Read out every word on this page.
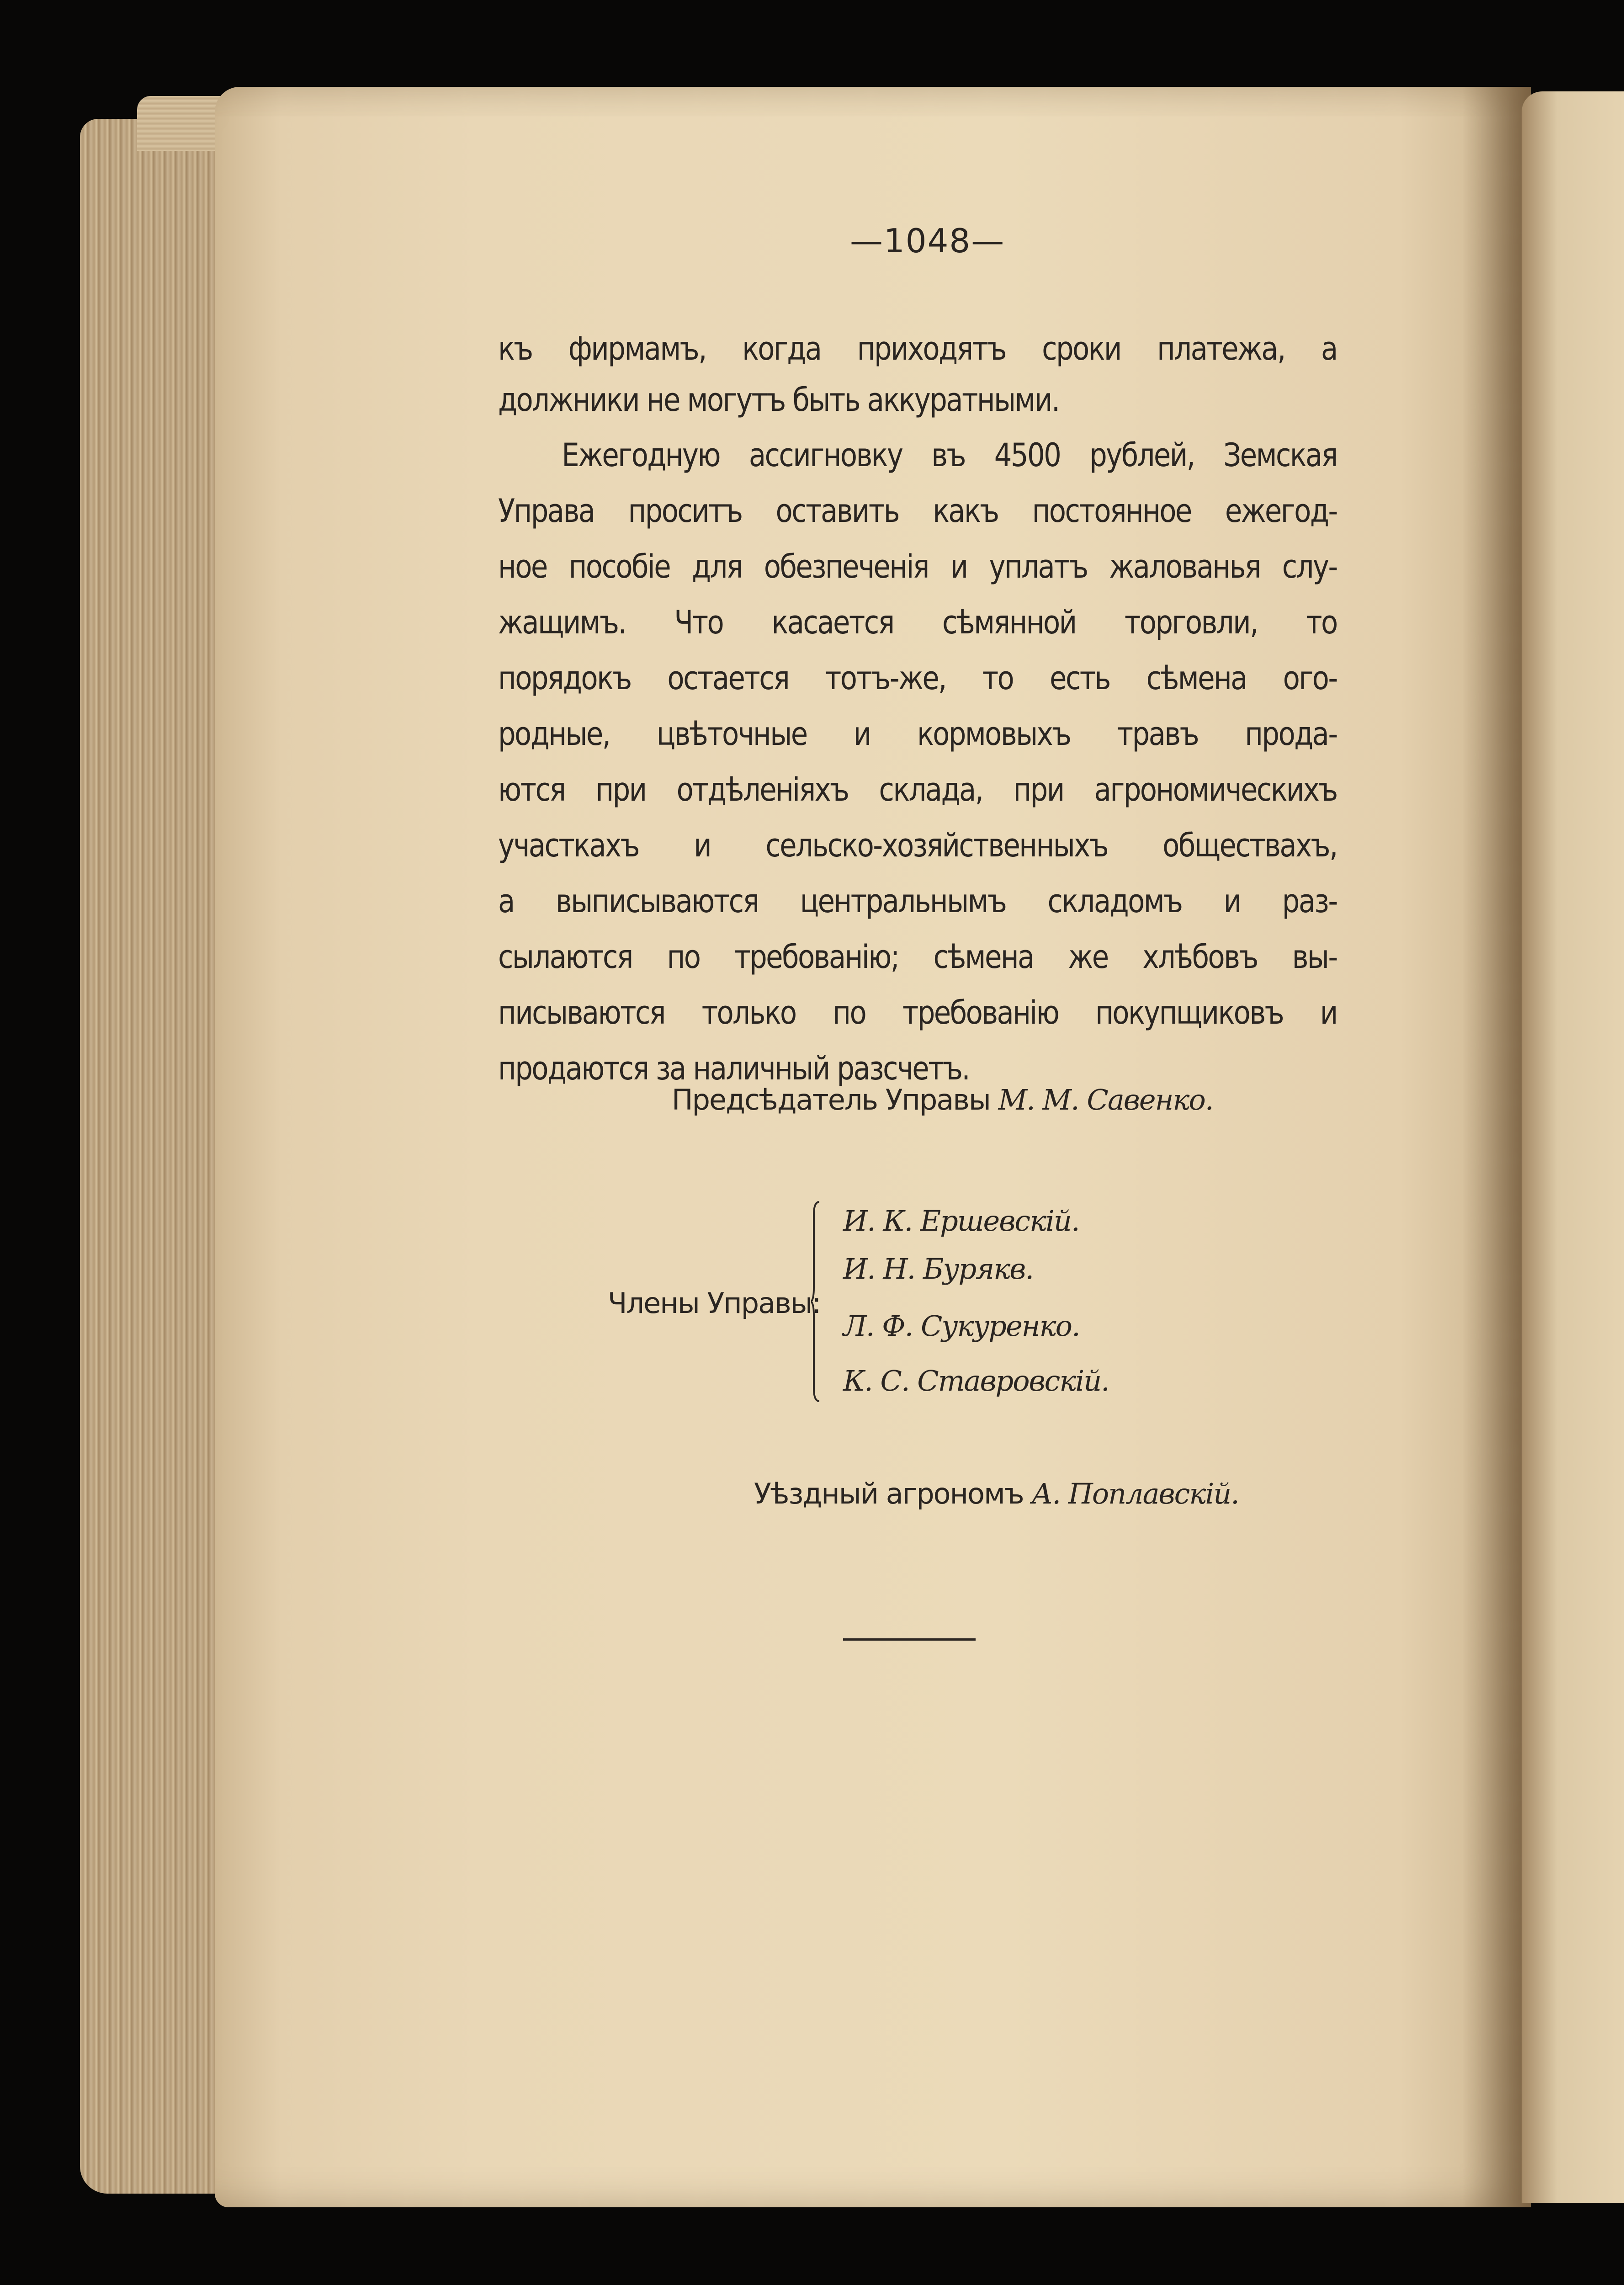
—1048—
къ фирмамъ, когда приходятъ сроки платежа, а
должники не могутъ быть аккуратными.
Ежегодную ассигновку въ 4500 рублей, Земская
Управа проситъ оставить какъ постоянное ежегод-
ное пособіе для обезпеченія и уплатъ жалованья слу-
жащимъ. Что касается сѣмянной торговли, то
порядокъ остается тотъ-же, то есть сѣмена ого-
родные, цвѣточные и кормовыхъ травъ прода-
ются при отдѣленіяхъ склада, при агрономическихъ
участкахъ и сельско-хозяйственныхъ обществахъ,
а выписываются центральнымъ складомъ и раз-
сылаются по требованію; сѣмена же хлѣбовъ вы-
писываются только по требованію покупщиковъ и
продаются за наличный разсчетъ.
Предсѣдатель Управы М. М. Савенко.
Члены Управы:
И. К. Ершевскій.
И. Н. Бурякв.
Л. Ф. Сукуренко.
К. С. Ставровскій.
Уѣздный агрономъ А. Поплавскій.
